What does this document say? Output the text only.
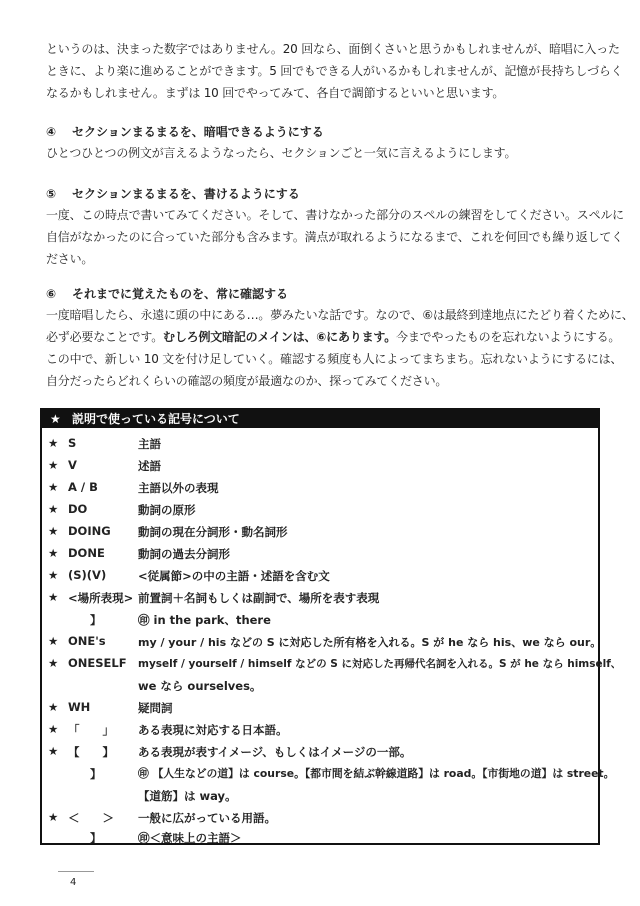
というのは、決まった数字ではありません。20 回なら、面倒くさいと思うかもしれませんが、暗唱に入った

ときに、より楽に進めることができます。5 回でもできる人がいるかもしれませんが、記憶が長持ちしづらく

なるかもしれません。まずは 10 回でやってみて、各自で調節するといいと思います。

④ セクションまるまるを、暗唱できるようにする

ひとつひとつの例文が言えるようなったら、セクションごと一気に言えるようにします。

⑤ セクションまるまるを、書けるようにする

一度、この時点で書いてみてください。そして、書けなかった部分のスペルの練習をしてください。スペルに

自信がなかったのに合っていた部分も含みます。満点が取れるようになるまで、これを何回でも繰り返してく

ださい。

⑥ それまでに覚えたものを、常に確認する

一度暗唱したら、永遠に頭の中にある…。夢みたいな話です。なので、⑥は最終到達地点にたどり着くために、

必ず必要なことです。むしろ例文暗記のメインは、⑥にあります。今までやったものを忘れないようにする。

この中で、新しい 10 文を付け足していく。確認する頻度も人によってまちまち。忘れないようにするには、

自分だったらどれくらいの確認の頻度が最適なのか、探ってみてください。

★ 説明で使っている記号について
★ S	主語
★ V	述語
★ A / B	主語以外の表現
★ DO	動詞の原形
★ DOING 動詞の現在分詞形・動名詞形
★ DONE	動詞の過去分詞形
★ (S)(V)	<従属節>の中の主語・述語を含む文
★ <場所表現> 前置詞＋名詞もしくは副詞で、場所を表す表現
】	㊞ in the park、there
★ ONE's	my / your / his などの S に対応した所有格を入れる。S が he なら his、we なら our。
★ ONESELF myself / yourself / himself などの S に対応した再帰代名詞を入れる。S が he なら himself、
we なら ourselves。
★ WH	疑問詞
★ 「　　」 ある表現に対応する日本語。
★ 【　　】 ある表現が表すイメージ、もしくはイメージの一部。
】	㊞ 【人生などの道】は course。【都市間を結ぶ幹線道路】は road。【市街地の道】は street。
【道筋】は way。
★ ＜　　＞ 一般に広がっている用語。
】	㊞＜意味上の主語＞
4
